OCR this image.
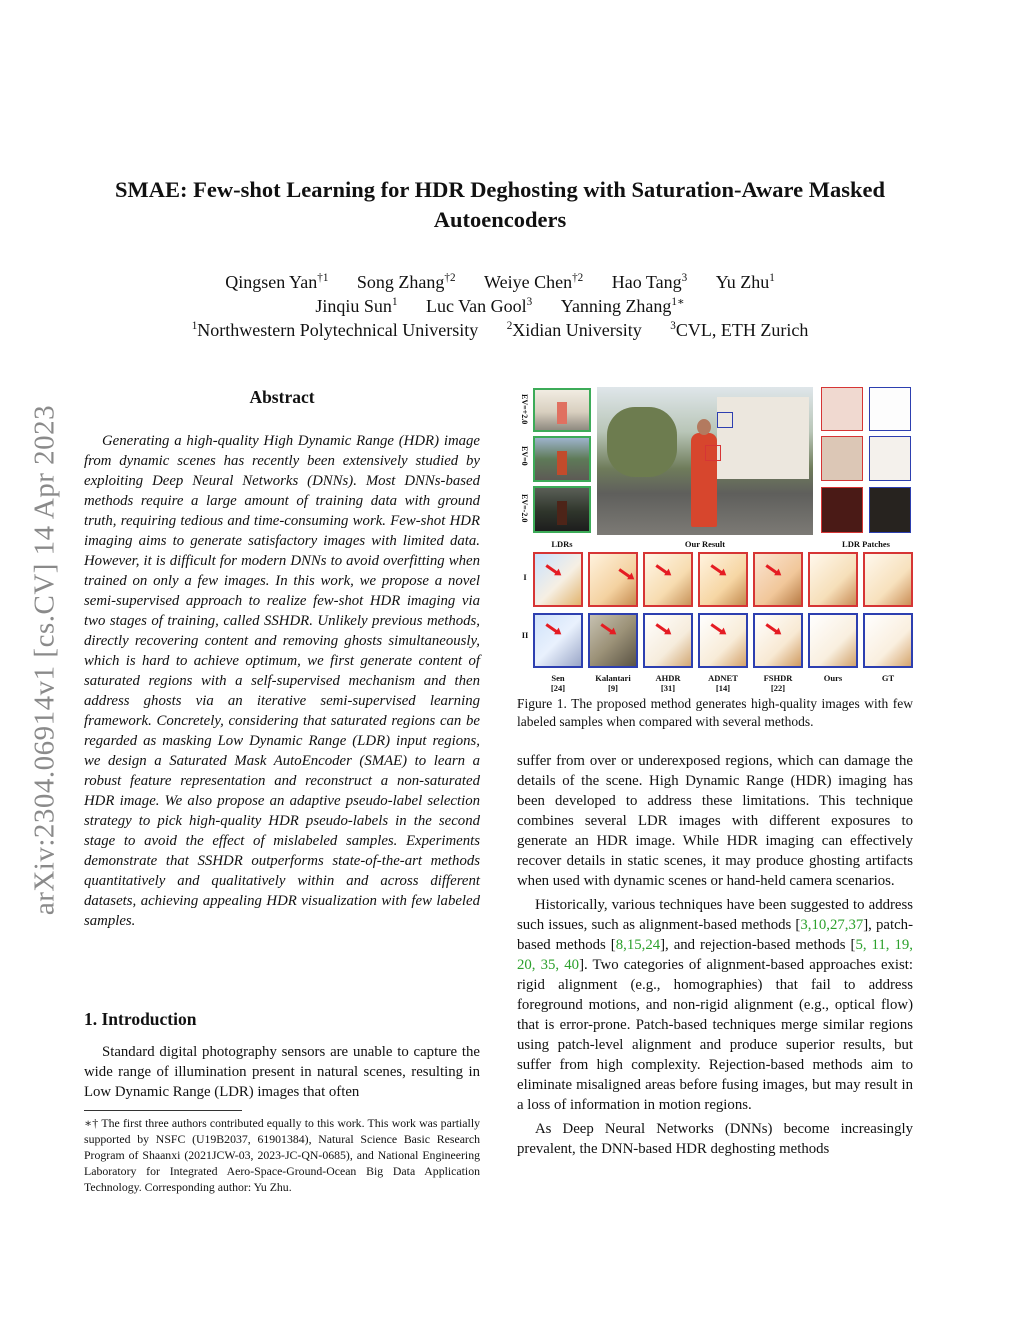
arXiv:2304.06914v1 [cs.CV] 14 Apr 2023
SMAE: Few-shot Learning for HDR Deghosting with Saturation-Aware Masked Autoencoders
Qingsen Yan$^{\dagger 1}$ Song Zhang$^{\dagger 2}$ Weiye Chen$^{\dagger 2}$ Hao Tang$^3$ Yu Zhu$^1$
Jinqiu Sun$^1$ Luc Van Gool$^3$ Yanning Zhang$^{1∗}$
$^1$Northwestern Polytechnical University	$^2$Xidian University	$^3$CVL, ETH Zurich
Abstract

Generating a high-quality High Dynamic Range (HDR) image from dynamic scenes has recently been extensively studied by exploiting Deep Neural Networks (DNNs). Most DNNs-based methods require a large amount of training data with ground truth, requiring tedious and time-consuming work. Few-shot HDR imaging aims to generate satisfactory images with limited data. However, it is difficult for modern DNNs to avoid overfitting when trained on only a few images. In this work, we propose a novel semi-supervised approach to realize few-shot HDR imaging via two stages of training, called SSHDR. Unlikely previous methods, directly recovering content and removing ghosts simultaneously, which is hard to achieve optimum, we first generate content of saturated regions with a self-supervised mechanism and then address ghosts via an iterative semi-supervised learning framework. Concretely, considering that saturated regions can be regarded as masking Low Dynamic Range (LDR) input regions, we design a Saturated Mask AutoEncoder (SMAE) to learn a robust feature representation and reconstruct a non-saturated HDR image. We also propose an adaptive pseudo-label selection strategy to pick high-quality HDR pseudo-labels in the second stage to avoid the effect of mislabeled samples. Experiments demonstrate that SSHDR outperforms state-of-the-art methods quantitatively and qualitatively within and across different datasets, achieving appealing HDR visualization with few labeled samples.

1. Introduction

Standard digital photography sensors are unable to capture the wide range of illumination present in natural scenes, resulting in Low Dynamic Range (LDR) images that often

∗† The first three authors contributed equally to this work. This work was partially supported by NSFC (U19B2037, 61901384), Natural Science Basic Research Program of Shaanxi (2021JCW-03, 2023-JC-QN-0685), and National Engineering Laboratory for Integrated Aero-Space-Ground-Ocean Big Data Application Technology. Corresponding author: Yu Zhu.
EV=+2.0
EV=0
EV=-2.0
LDRs	Our Result	LDR Patches
I
II
Sen
[24]
Kalantari
[9]
AHDR
[31]
ADNET
[14]
FSHDR
[22]
Ours	GT
Figure 1. The proposed method generates high-quality images with few labeled samples when compared with several methods.

suffer from over or underexposed regions, which can damage the details of the scene. High Dynamic Range (HDR) imaging has been developed to address these limitations. This technique combines several LDR images with different exposures to generate an HDR image. While HDR imaging can effectively recover details in static scenes, it may produce ghosting artifacts when used with dynamic scenes or hand-held camera scenarios.

Historically, various techniques have been suggested to address such issues, such as alignment-based methods [3,10,27,37], patch-based methods [8,15,24], and rejection-based methods [5, 11, 19, 20, 35, 40]. Two categories of alignment-based approaches exist: rigid alignment (e.g., homographies) that fail to address foreground motions, and non-rigid alignment (e.g., optical flow) that is error-prone. Patch-based techniques merge similar regions using patch-level alignment and produce superior results, but suffer from high complexity. Rejection-based methods aim to eliminate misaligned areas before fusing images, but may result in a loss of information in motion regions.

As Deep Neural Networks (DNNs) become increasingly prevalent, the DNN-based HDR deghosting methods
